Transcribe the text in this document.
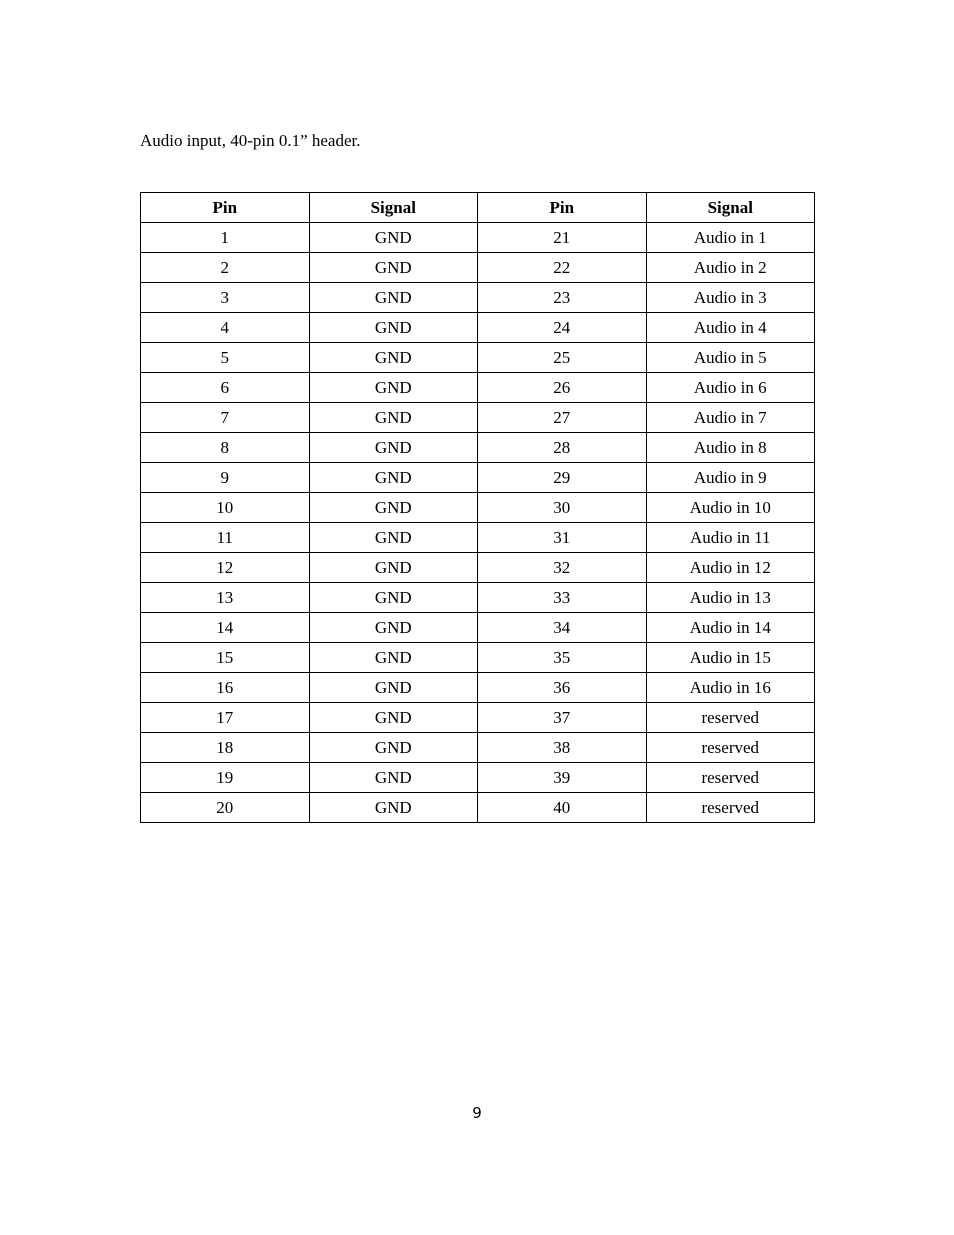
Audio input, 40-pin 0.1” header.

Pin	Signal	Pin	Signal
1	GND	21	Audio in 1
2	GND	22	Audio in 2
3	GND	23	Audio in 3
4	GND	24	Audio in 4
5	GND	25	Audio in 5
6	GND	26	Audio in 6
7	GND	27	Audio in 7
8	GND	28	Audio in 8
9	GND	29	Audio in 9
10	GND	30	Audio in 10
11	GND	31	Audio in 11
12	GND	32	Audio in 12
13	GND	33	Audio in 13
14	GND	34	Audio in 14
15	GND	35	Audio in 15
16	GND	36	Audio in 16
17	GND	37	reserved
18	GND	38	reserved
19	GND	39	reserved
20	GND	40	reserved
9
